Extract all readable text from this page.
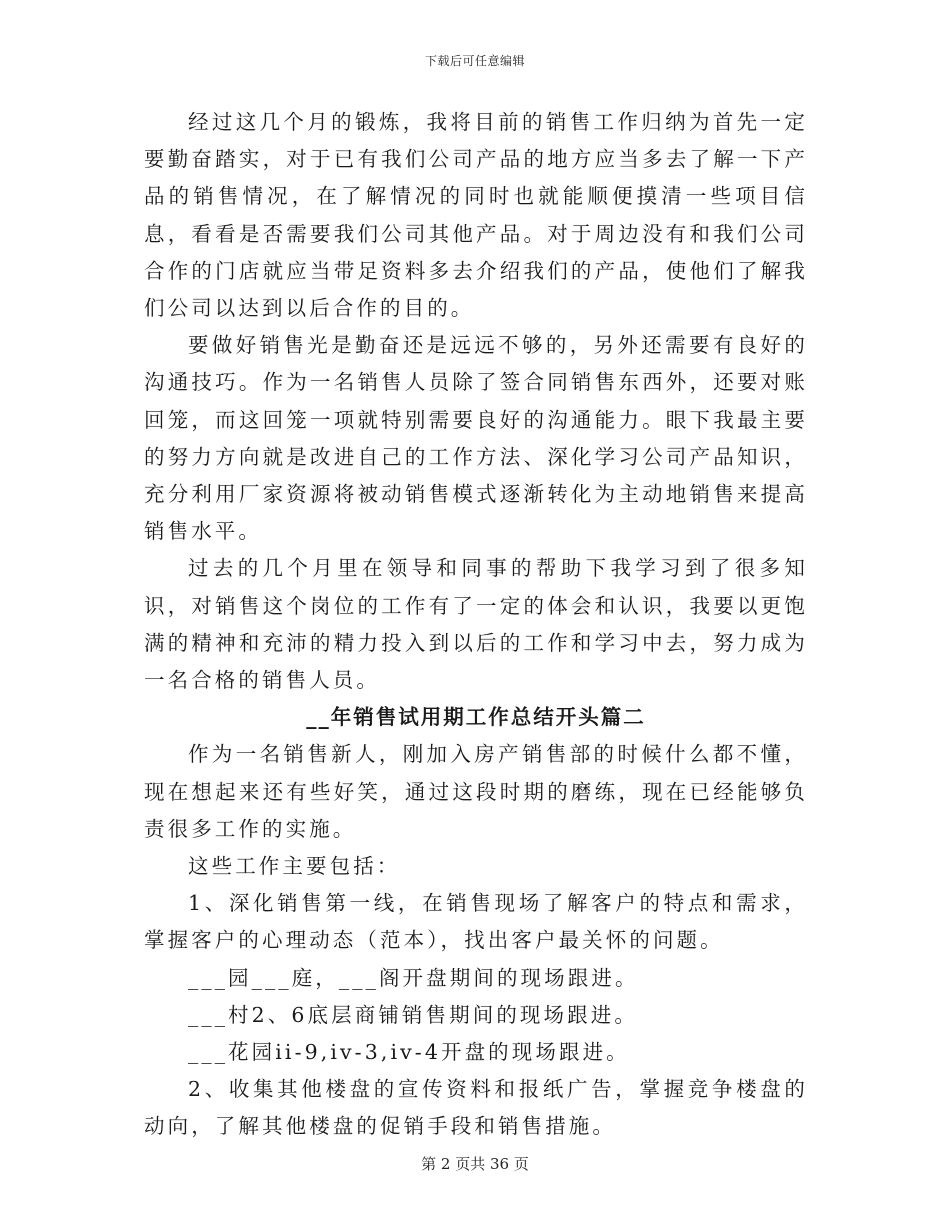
下载后可任意编辑

经过这几个月的锻炼，我将目前的销售工作归纳为首先一定要勤奋踏实，对于已有我们公司产品的地方应当多去了解一下产品的销售情况，在了解情况的同时也就能顺便摸清一些项目信息，看看是否需要我们公司其他产品。对于周边没有和我们公司合作的门店就应当带足资料多去介绍我们的产品，使他们了解我们公司以达到以后合作的目的。

要做好销售光是勤奋还是远远不够的，另外还需要有良好的沟通技巧。作为一名销售人员除了签合同销售东西外，还要对账回笼，而这回笼一项就特别需要良好的沟通能力。眼下我最主要的努力方向就是改进自己的工作方法、深化学习公司产品知识，充分利用厂家资源将被动销售模式逐渐转化为主动地销售来提高销售水平。

过去的几个月里在领导和同事的帮助下我学习到了很多知识，对销售这个岗位的工作有了一定的体会和认识，我要以更饱满的精神和充沛的精力投入到以后的工作和学习中去，努力成为一名合格的销售人员。

__年销售试用期工作总结开头篇二

作为一名销售新人，刚加入房产销售部的时候什么都不懂，现在想起来还有些好笑，通过这段时期的磨练，现在已经能够负责很多工作的实施。

这些工作主要包括：

1、深化销售第一线，在销售现场了解客户的特点和需求，掌握客户的心理动态（范本），找出客户最关怀的问题。

___园___庭，___阁开盘期间的现场跟进。

___村2、6底层商铺销售期间的现场跟进。

___花园ii-9,iv-3,iv-4开盘的现场跟进。

2、收集其他楼盘的宣传资料和报纸广告，掌握竞争楼盘的动向，了解其他楼盘的促销手段和销售措施。

第 2 页共 36 页
